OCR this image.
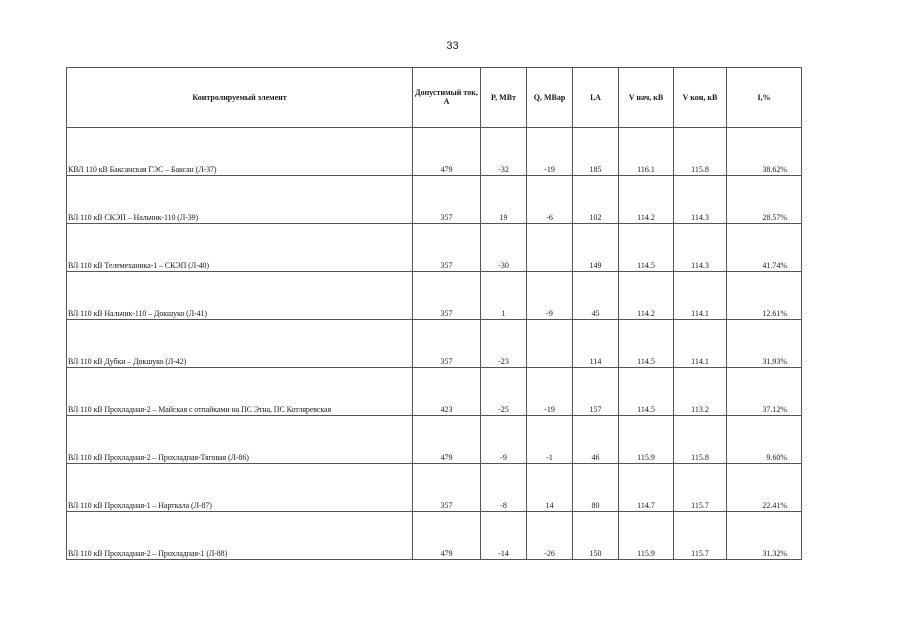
33
Контролируемый элемент	Допустимый ток, А	P, МВт	Q, МВар	I,A	V нач, кВ	V кон, кВ	I,%
КВЛ 110 кВ Баксанская ГЭС – Баксан (Л-37)	479	-32	-19	185	116.1	115.8	38.62%
ВЛ 110 кВ СКЭП – Нальчик-110 (Л-39)	357	19	-6	102	114.2	114.3	28.57%
ВЛ 110 кВ Телемеханика-1 – СКЭП (Л-40)	357	-30		149	114.5	114.3	41.74%
ВЛ 110 кВ Нальчик-110 – Докшуко (Л-41)	357	1	-9	45	114.2	114.1	12.61%
ВЛ 110 кВ Дубки – Докшуко (Л-42)	357	-23		114	114.5	114.1	31.93%
ВЛ 110 кВ Прохладная-2 – Майская с отпайками на ПС Этна, ПС Котляревская	423	-25	-19	157	114.5	113.2	37.12%
ВЛ 110 кВ Прохладная-2 – Прохладная-Тяговая (Л-86)	479	-9	-1	46	115.9	115.8	9.60%
ВЛ 110 кВ Прохладная-1 – Нарткала (Л-87)	357	-8	14	80	114.7	115.7	22.41%
ВЛ 110 кВ Прохладная-2 – Прохладная-1 (Л-88)	479	-14	-26	150	115.9	115.7	31.32%
